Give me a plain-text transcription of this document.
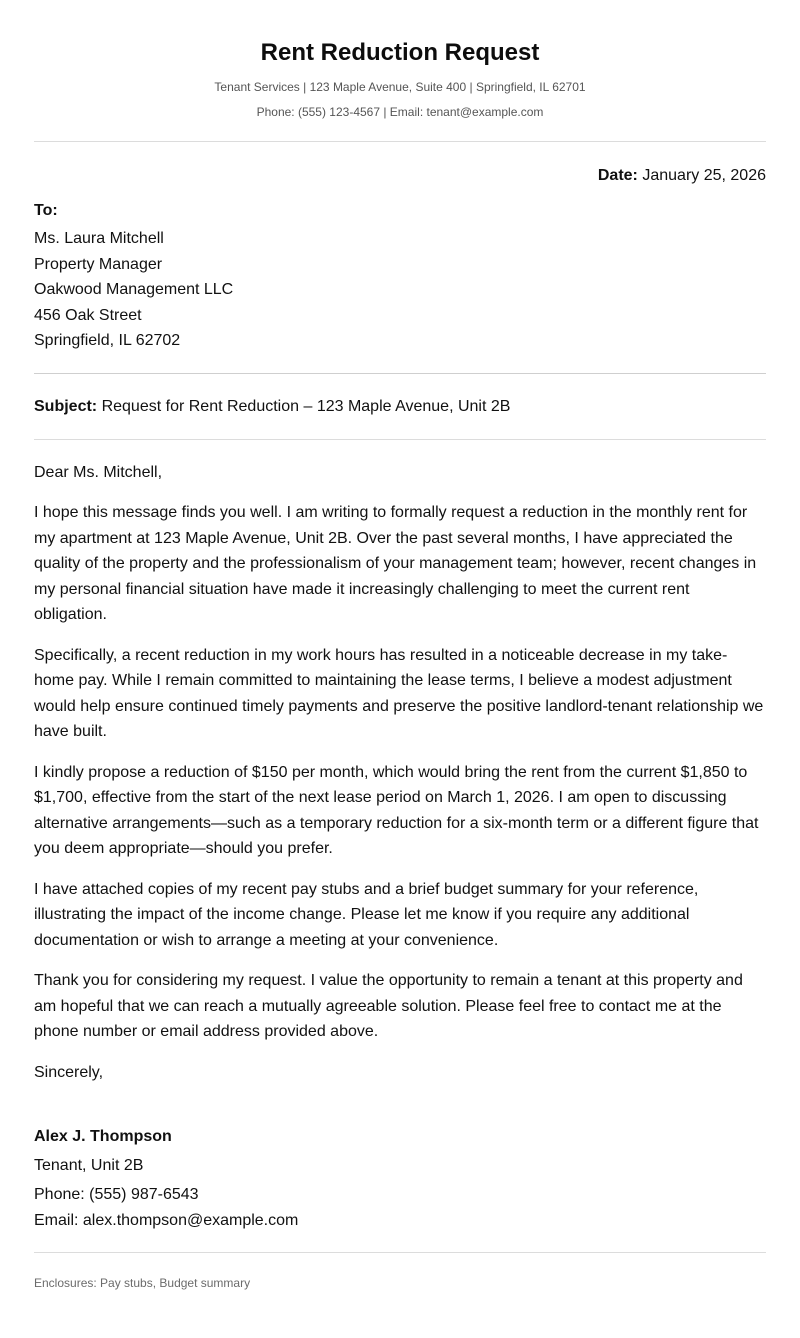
Rent Reduction Request
Tenant Services | 123 Maple Avenue, Suite 400 | Springfield, IL 62701
Phone: (555) 123-4567 | Email: tenant@example.com
Date: January 25, 2026
To:
Ms. Laura Mitchell
Property Manager
Oakwood Management LLC
456 Oak Street
Springfield, IL 62702
Subject: Request for Rent Reduction – 123 Maple Avenue, Unit 2B
Dear Ms. Mitchell,

I hope this message finds you well. I am writing to formally request a reduction in the monthly rent for my apartment at 123 Maple Avenue, Unit 2B. Over the past several months, I have appreciated the quality of the property and the professionalism of your management team; however, recent changes in my personal financial situation have made it increasingly challenging to meet the current rent obligation.

Specifically, a recent reduction in my work hours has resulted in a noticeable decrease in my take-home pay. While I remain committed to maintaining the lease terms, I believe a modest adjustment would help ensure continued timely payments and preserve the positive landlord-tenant relationship we have built.

I kindly propose a reduction of $150 per month, which would bring the rent from the current $1,850 to $1,700, effective from the start of the next lease period on March 1, 2026. I am open to discussing alternative arrangements—such as a temporary reduction for a six-month term or a different figure that you deem appropriate—should you prefer.

I have attached copies of my recent pay stubs and a brief budget summary for your reference, illustrating the impact of the income change. Please let me know if you require any additional documentation or wish to arrange a meeting at your convenience.

Thank you for considering my request. I value the opportunity to remain a tenant at this property and am hopeful that we can reach a mutually agreeable solution. Please feel free to contact me at the phone number or email address provided above.

Sincerely,
Alex J. Thompson
Tenant, Unit 2B
Phone: (555) 987-6543
Email: alex.thompson@example.com
Enclosures: Pay stubs, Budget summary
